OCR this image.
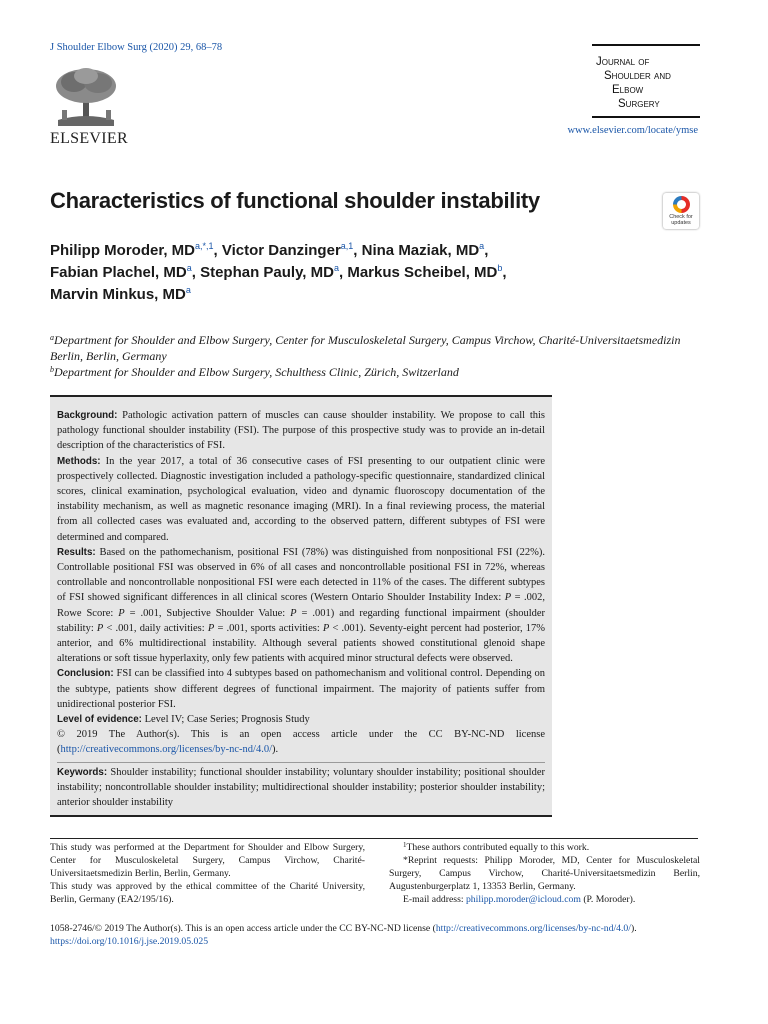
J Shoulder Elbow Surg (2020) 29, 68–78
ELSEVIER
Journal of
Shoulder and
Elbow
Surgery
www.elsevier.com/locate/ymse
Characteristics of functional shoulder instability
Check for
updates
Philipp Moroder, $MD^{a,*,1}$, Victor Danzinger$^{a,1}$, Nina Maziak, $MD^a$,
Fabian Plachel, $MD^a$, Stephan Pauly, $MD^a$, Markus Scheibel, $MD^b$,
Marvin Minkus, $MD^a$
$^a$Department for Shoulder and Elbow Surgery, Center for Musculoskeletal Surgery, Campus Virchow, Charité-Universitaetsmedizin Berlin, Berlin, Germany
$^b$Department for Shoulder and Elbow Surgery, Schulthess Clinic, Zürich, Switzerland

Background: Pathologic activation pattern of muscles can cause shoulder instability. We propose to call this pathology functional shoulder instability (FSI). The purpose of this prospective study was to provide an in-detail description of the characteristics of FSI.

Methods: In the year 2017, a total of 36 consecutive cases of FSI presenting to our outpatient clinic were prospectively collected. Diagnostic investigation included a pathology-specific questionnaire, standardized clinical scores, clinical examination, psychological evaluation, video and dynamic fluoroscopy documentation of the instability mechanism, as well as magnetic resonance imaging (MRI). In a final reviewing process, the material from all collected cases was evaluated and, according to the observed pattern, different subtypes of FSI were determined and compared.

Results: Based on the pathomechanism, positional FSI (78%) was distinguished from nonpositional FSI (22%). Controllable positional FSI was observed in 6% of all cases and noncontrollable positional FSI in 72%, whereas controllable and noncontrollable nonpositional FSI were each detected in 11% of the cases. The different subtypes of FSI showed significant differences in all clinical scores (Western Ontario Shoulder Instability Index: P = .002, Rowe Score: P = .001, Subjective Shoulder Value: P = .001) and regarding functional impairment (shoulder stability: P < .001, daily activities: P = .001, sports activities: P < .001). Seventy-eight percent had posterior, 17% anterior, and 6% multidirectional instability. Although several patients showed constitutional glenoid shape alterations or soft tissue hyperlaxity, only few patients with acquired minor structural defects were observed.

Conclusion: FSI can be classified into 4 subtypes based on pathomechanism and volitional control. Depending on the subtype, patients show different degrees of functional impairment. The majority of patients suffer from unidirectional posterior FSI.

Level of evidence: Level IV; Case Series; Prognosis Study

© 2019 The Author(s). This is an open access article under the CC BY-NC-ND license (http://creativecommons.org/licenses/by-nc-nd/4.0/).

Keywords: Shoulder instability; functional shoulder instability; voluntary shoulder instability; positional shoulder instability; noncontrollable shoulder instability; multidirectional shoulder instability; posterior shoulder instability; anterior shoulder instability

This study was performed at the Department for Shoulder and Elbow Surgery, Center for Musculoskeletal Surgery, Campus Virchow, Charité-Universitaetsmedizin Berlin, Berlin, Germany.

This study was approved by the ethical committee of the Charité University, Berlin, Germany (EA2/195/16).

$^1$These authors contributed equally to this work.

*Reprint requests: Philipp Moroder, MD, Center for Musculoskeletal Surgery, Campus Virchow, Charité-Universitaetsmedizin Berlin, Augustenburgerplatz 1, 13353 Berlin, Germany.

E-mail address: philipp.moroder@icloud.com (P. Moroder).

1058-2746/© 2019 The Author(s). This is an open access article under the CC BY-NC-ND license (http://creativecommons.org/licenses/by-nc-nd/4.0/).

https://doi.org/10.1016/j.jse.2019.05.025
